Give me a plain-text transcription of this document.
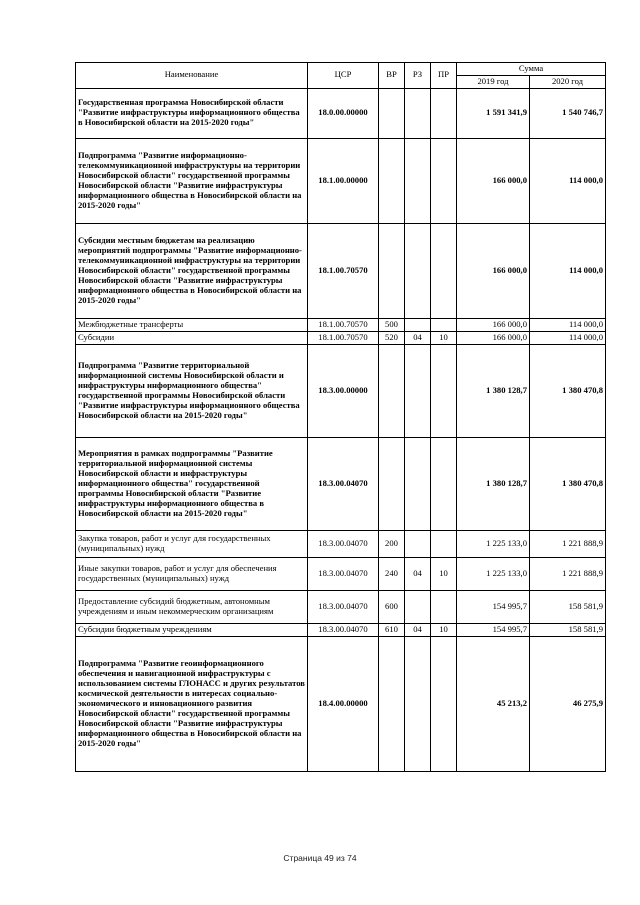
Наименование	ЦСР	ВР	РЗ	ПР	Сумма	
					2019 год	2020 год
Государственная программа Новосибирской области "Развитие инфраструктуры информационного общества в Новосибирской области на 2015-2020 годы"	18.0.00.00000				1 591 341,9	1 540 746,7
Подпрограмма "Развитие информационно-телекоммуникационной инфраструктуры на территории Новосибирской области" государственной программы Новосибирской области "Развитие инфраструктуры информационного общества в Новосибирской области на 2015-2020 годы"	18.1.00.00000				166 000,0	114 000,0
Субсидии местным бюджетам на реализацию мероприятий подпрограммы "Развитие информационно-телекоммуникационной инфраструктуры на территории Новосибирской области" государственной программы Новосибирской области "Развитие инфраструктуры информационного общества в Новосибирской области на 2015-2020 годы"	18.1.00.70570				166 000,0	114 000,0
Межбюджетные трансферты	18.1.00.70570	500			166 000,0	114 000,0
Субсидии	18.1.00.70570	520	04	10	166 000,0	114 000,0
Подпрограмма "Развитие территориальной информационной системы Новосибирской области и инфраструктуры информационного общества" государственной программы Новосибирской области "Развитие инфраструктуры информационного общества Новосибирской области на 2015-2020 годы"	18.3.00.00000				1 380 128,7	1 380 470,8
Мероприятия в рамках подпрограммы "Развитие территориальной информационной системы Новосибирской области и инфраструктуры информационного общества" государственной программы Новосибирской области "Развитие инфраструктуры информационного общества в Новосибирской области на 2015-2020 годы"	18.3.00.04070				1 380 128,7	1 380 470,8
Закупка товаров, работ и услуг для государственных (муниципальных) нужд	18.3.00.04070	200			1 225 133,0	1 221 888,9
Иные закупки товаров, работ и услуг для обеспечения государственных (муниципальных) нужд	18.3.00.04070	240	04	10	1 225 133,0	1 221 888,9
Предоставление субсидий бюджетным, автономным учреждениям и иным некоммерческим организациям	18.3.00.04070	600			154 995,7	158 581,9
Субсидии бюджетным учреждениям	18.3.00.04070	610	04	10	154 995,7	158 581,9
Подпрограмма "Развитие геоинформационного обеспечения и навигационной инфраструктуры с использованием системы ГЛОНАСС и других результатов космической деятельности в интересах социально-экономического и инновационного развития Новосибирской области" государственной программы Новосибирской области "Развитие инфраструктуры информационного общества в Новосибирской области на 2015-2020 годы"	18.4.00.00000				45 213,2	46 275,9
Страница 49 из 74
